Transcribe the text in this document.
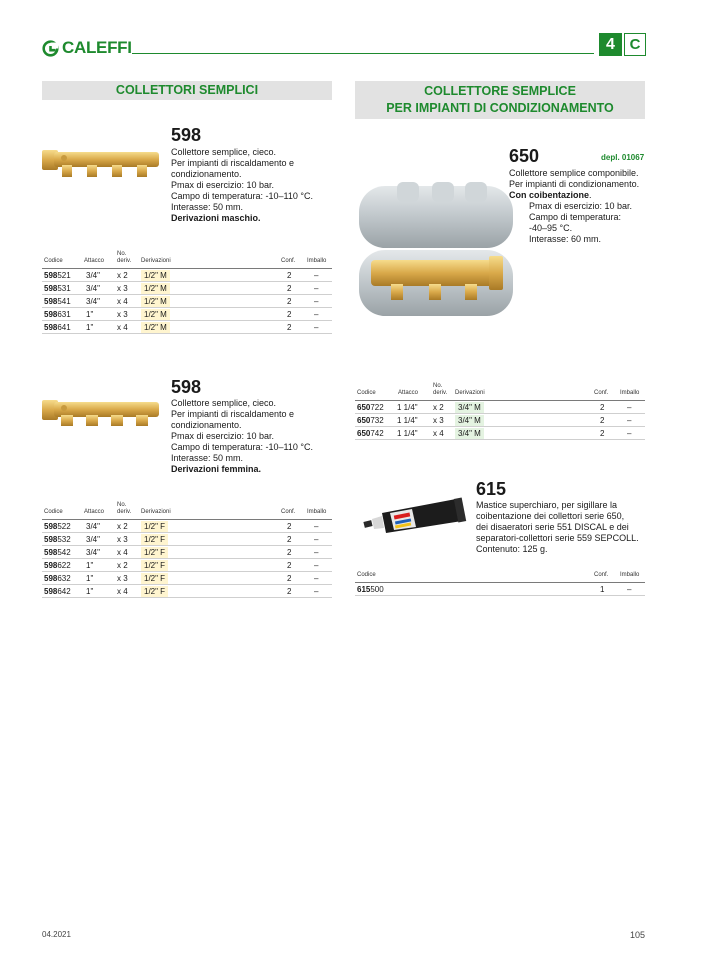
CALEFFI	4 C
COLLETTORI SEMPLICI	COLLETTORE SEMPLICE
PER IMPIANTI DI CONDIZIONAMENTO
598
Collettore semplice, cieco.
Per impianti di riscaldamento e
condizionamento.
Pmax di esercizio: 10 bar.
Campo di temperatura: -10–110 °C.
Interasse: 50 mm.
Derivazioni maschio.
Codice	Attacco
No.
deriv. Derivazioni	Conf. Imballo
598521 3/4" x 2	1/2" M	2	–
598531 3/4" x 3	1/2" M	2	–
598541 3/4" x 4	1/2" M	2	–
598631 1"	x 3	1/2" M	2	–
598641 1"	x 4	1/2" M	2	–
598
Collettore semplice, cieco.
Per impianti di riscaldamento e
condizionamento.
Pmax di esercizio: 10 bar.
Campo di temperatura: -10–110 °C.
Interasse: 50 mm.
Derivazioni femmina.
Codice	Attacco
No.
deriv. Derivazioni	Conf. Imballo
598522 3/4" x 2	1/2" F	2	–
598532 3/4" x 3	1/2" F	2	–
598542 3/4" x 4	1/2" F	2	–
598622 1"	x 2	1/2" F	2	–
598632 1"	x 3	1/2" F	2	–
598642 1"	x 4	1/2" F	2	–
650	depl. 01067
Collettore semplice componibile.
Per impianti di condizionamento.
Con coibentazione.
Pmax di esercizio: 10 bar.
Campo di temperatura:
-40–95 °C.
Interasse: 60 mm.
Codice	Attacco
No.
deriv. Derivazioni	Conf. Imballo
650722 1 1/4" x 2	3/4" M	2	–
650732 1 1/4" x 3	3/4" M	2	–
650742 1 1/4" x 4	3/4" M	2	–
615
Mastice superchiaro, per sigillare la
coibentazione dei collettori serie 650,
dei disaeratori serie 551 DISCAL e dei
separatori-collettori serie 559 SEPCOLL.
Contenuto: 125 g.
Codice	Conf. Imballo
615500	1	–
04.2021	105
